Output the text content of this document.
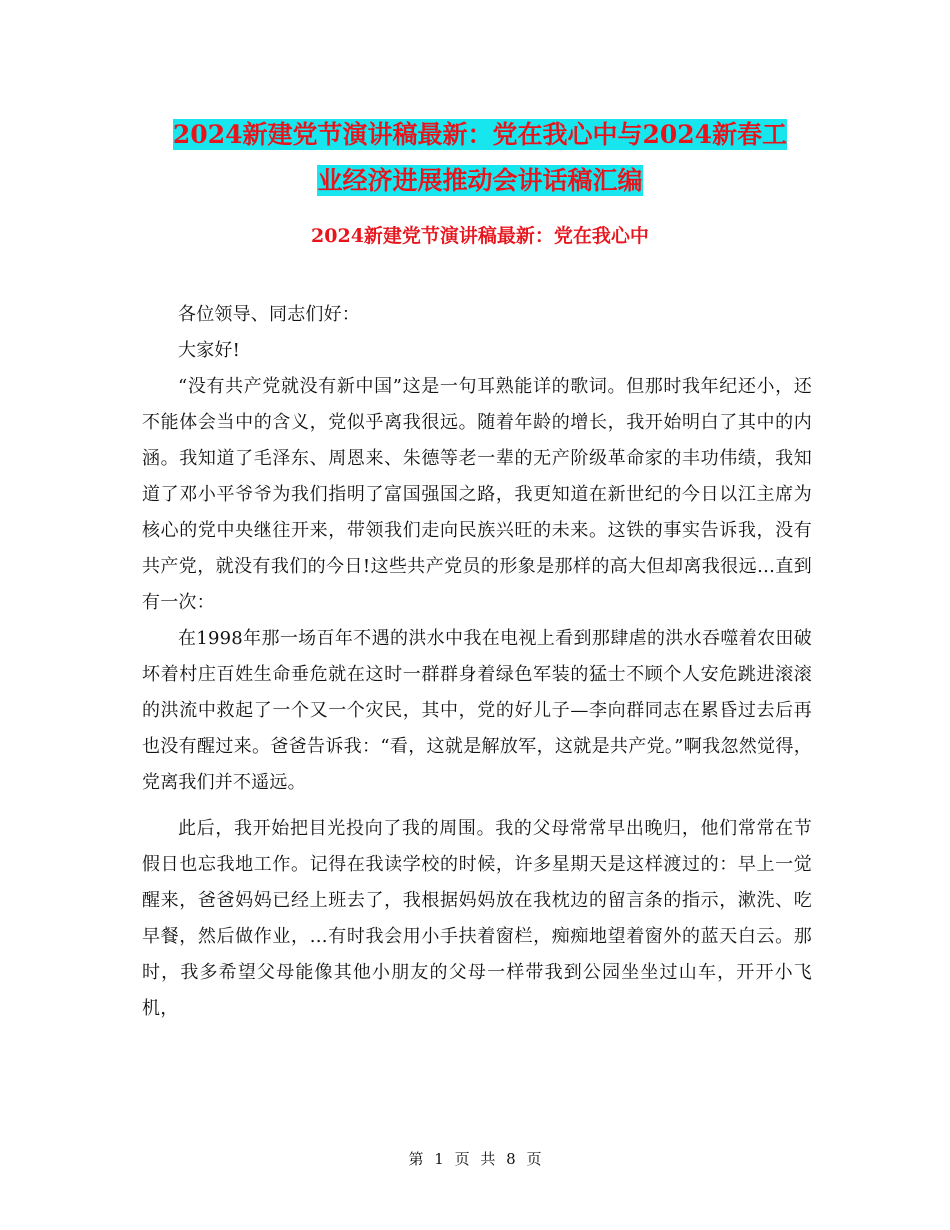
2024新建党节演讲稿最新：党在我心中与2024新春工
业经济进展推动会讲话稿汇编
2024新建党节演讲稿最新：党在我心中

各位领导、同志们好：

大家好!

“没有共产党就没有新中国”这是一句耳熟能详的歌词。但那时我年纪还小，还不能体会当中的含义，党似乎离我很远。随着年龄的增长，我开始明白了其中的内涵。我知道了毛泽东、周恩来、朱德等老一辈的无产阶级革命家的丰功伟绩，我知道了邓小平爷爷为我们指明了富国强国之路，我更知道在新世纪的今日以江主席为核心的党中央继往开来，带领我们走向民族兴旺的未来。这铁的事实告诉我，没有共产党，就没有我们的今日!这些共产党员的形象是那样的高大但却离我很远…直到有一次：

在1998年那一场百年不遇的洪水中我在电视上看到那肆虐的洪水吞噬着农田破坏着村庄百姓生命垂危就在这时一群群身着绿色军装的猛士不顾个人安危跳进滚滚的洪流中救起了一个又一个灾民，其中，党的好儿子—李向群同志在累昏过去后再也没有醒过来。爸爸告诉我：“看，这就是解放军，这就是共产党。”啊我忽然觉得，党离我们并不遥远。

此后，我开始把目光投向了我的周围。我的父母常常早出晚归，他们常常在节假日也忘我地工作。记得在我读学校的时候，许多星期天是这样渡过的：早上一觉醒来，爸爸妈妈已经上班去了，我根据妈妈放在我枕边的留言条的指示，漱洗、吃早餐，然后做作业，…有时我会用小手扶着窗栏，痴痴地望着窗外的蓝天白云。那时，我多希望父母能像其他小朋友的父母一样带我到公园坐坐过山车，开开小飞机，

第 1 页 共 8 页
